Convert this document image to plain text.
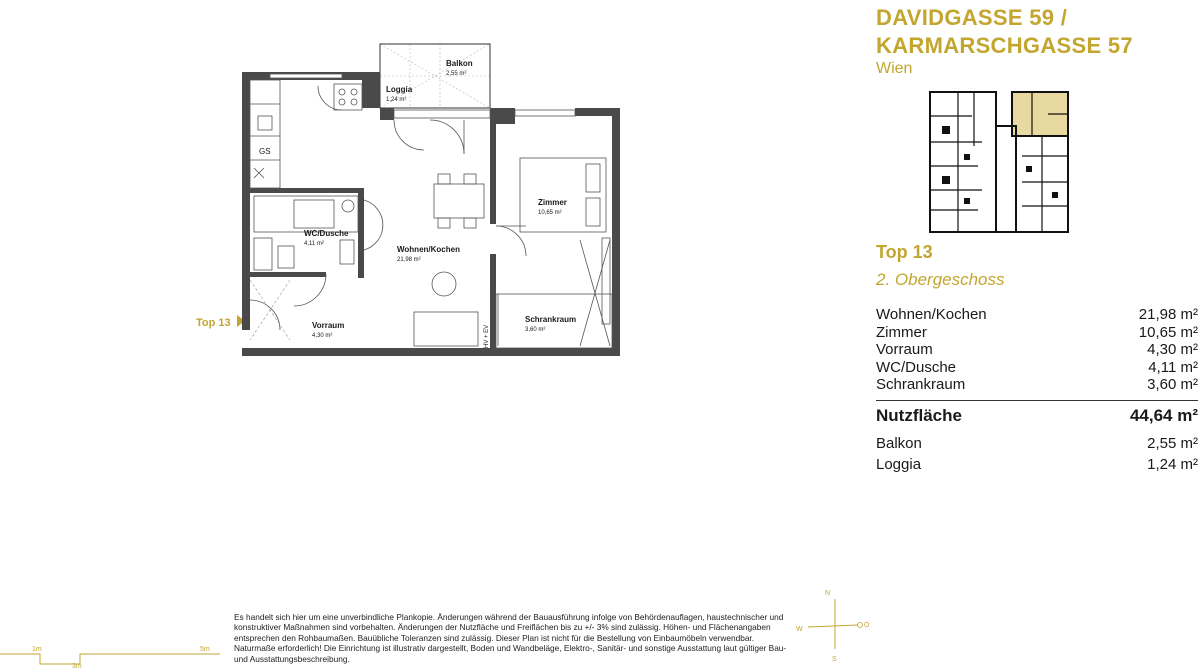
DAVIDGASSE 59 /
KARMARSCHGASSE 57
Wien
Top 13
2. Obergeschoss
Wohnen/Kochen	21,98 m²
Zimmer	10,65 m²
Vorraum	4,30 m²
WC/Dusche	4,11 m²
Schrankraum	3,60 m²
Nutzfläche	44,64 m²
Balkon	2,55 m²
Loggia	1,24 m²
Top 13
GS
Balkon
2,55 m²
Loggia
1,24 m²
WC/Dusche
4,11 m²
Wohnen/Kochen
21,98 m²
Zimmer
10,65 m²
Vorraum
4,30 m²
Schrankraum
3,60 m²
HV + EV
1m
3m
5m
N
S
W
O
Es handelt sich hier um eine unverbindliche Plankopie. Änderungen während der Bauausführung infolge von Behördenauflagen, haustechnischer und konstruktiver Maßnahmen sind vorbehalten. Änderungen der Nutzfläche und Freiflächen bis zu +/- 3% sind zulässig. Höhen- und Flächenangaben entsprechen den Rohbaumaßen. Bauübliche Toleranzen sind zulässig. Dieser Plan ist nicht für die Bestellung von Einbaumöbeln verwendbar. Naturmaße erforderlich! Die Einrichtung ist illustrativ dargestellt, Boden und Wandbeläge, Elektro-, Sanitär- und sonstige Ausstattung laut gültiger Bau- und Ausstattungsbeschreibung.
